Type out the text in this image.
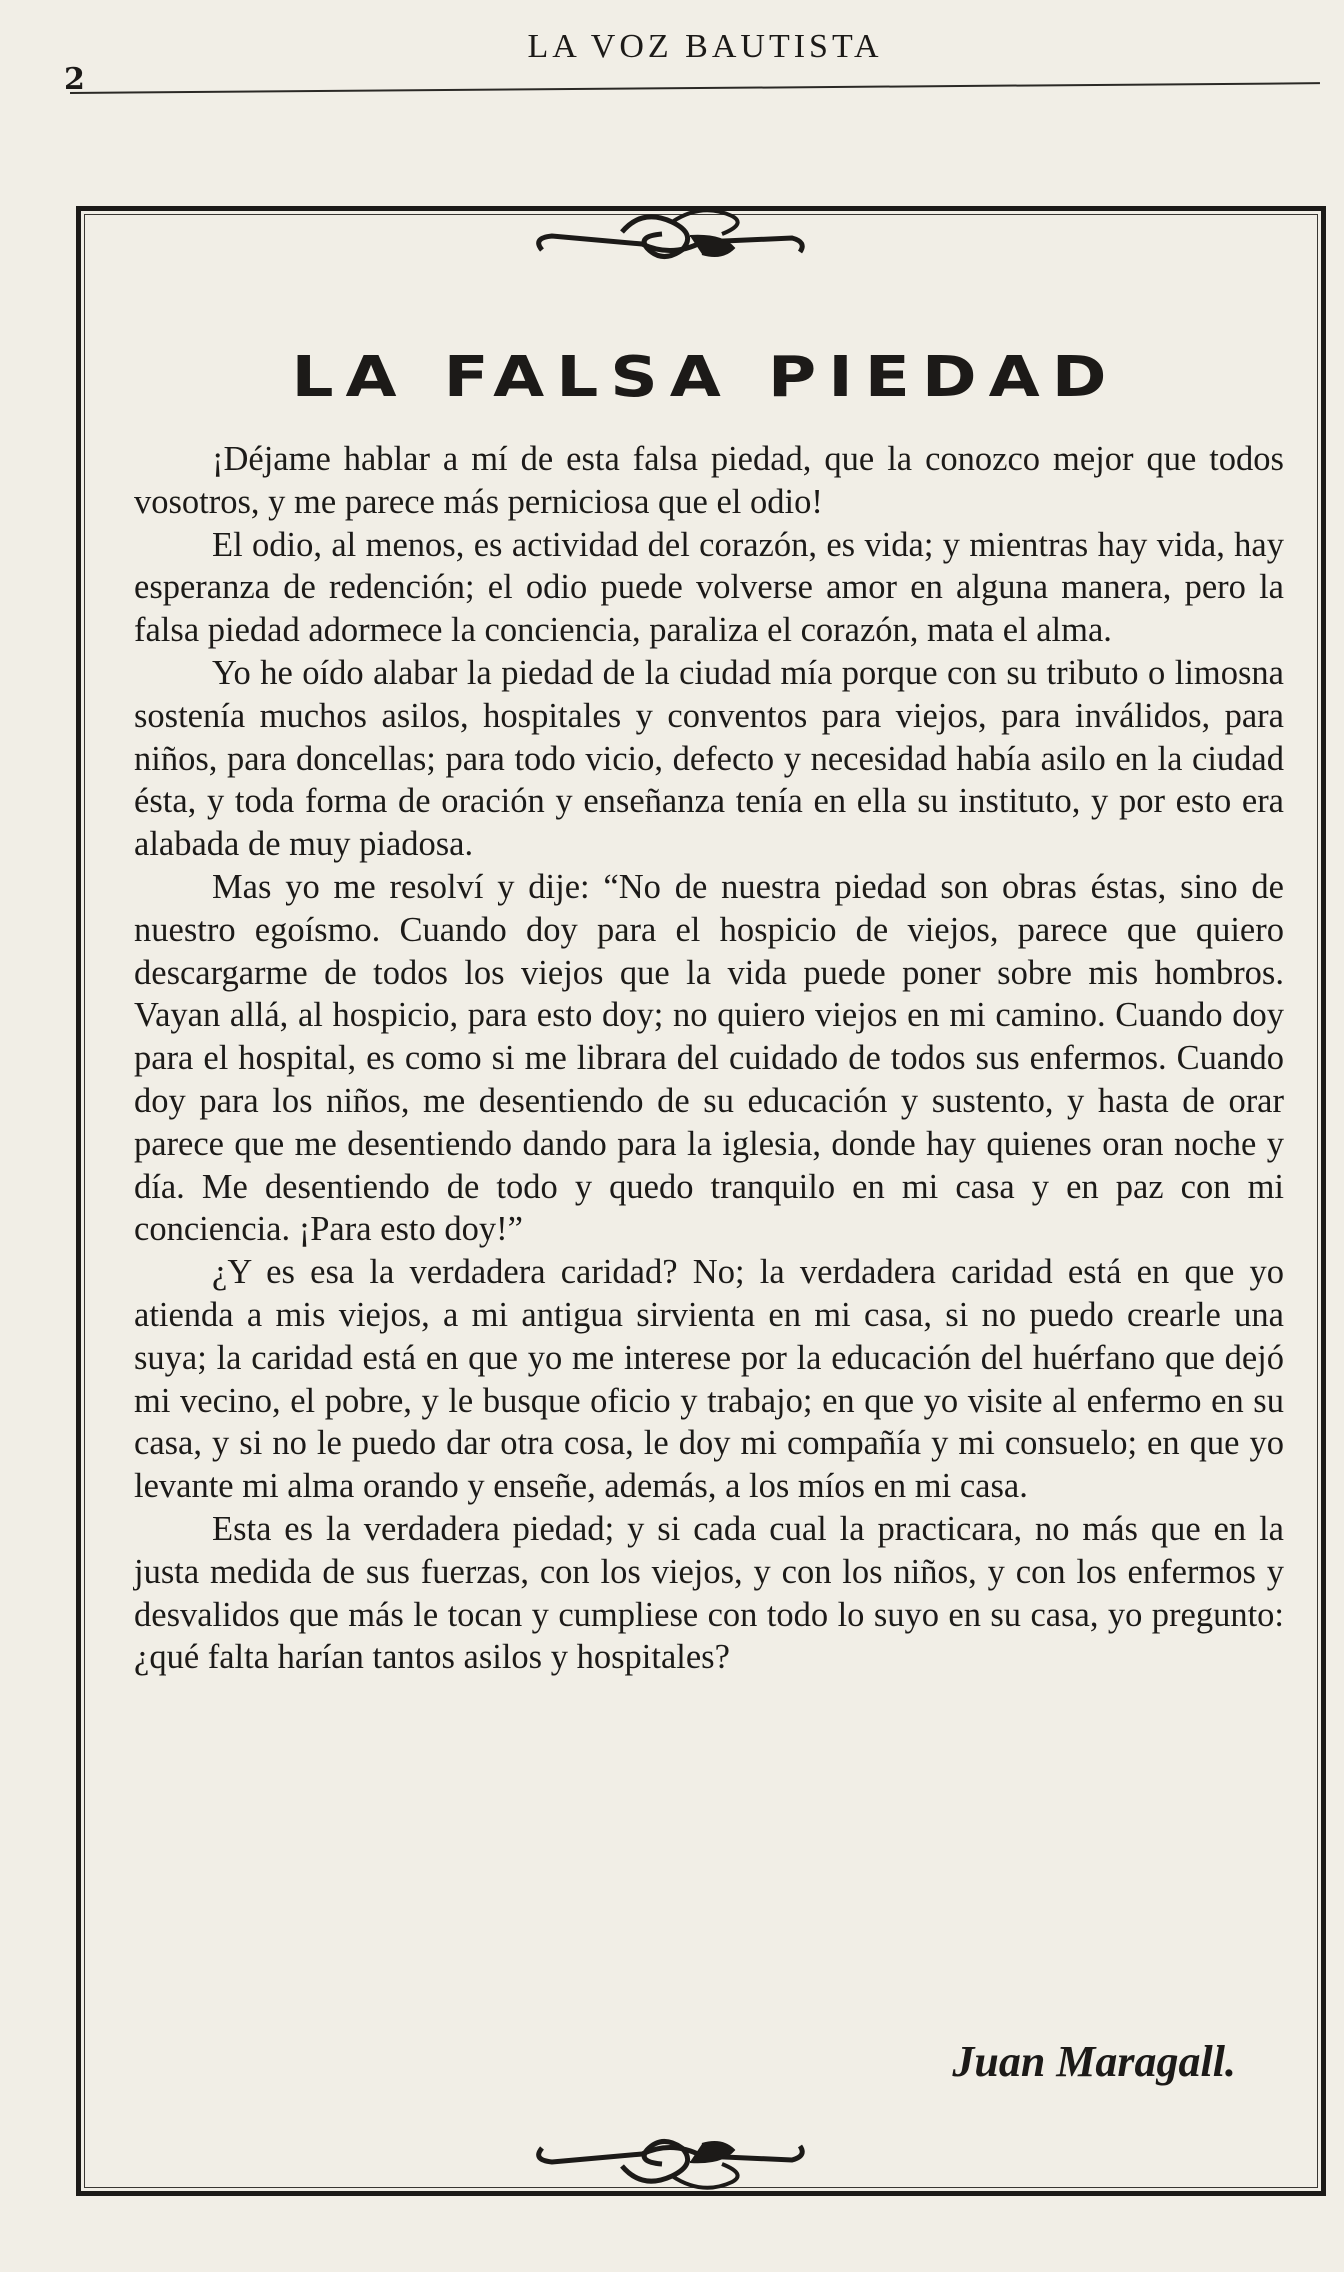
2
LA VOZ BAUTISTA
LA FALSA PIEDAD

¡Déjame hablar a mí de esta falsa piedad, que la conozco mejor que todos vosotros, y me parece más perniciosa que el odio!

El odio, al menos, es actividad del corazón, es vida; y mientras hay vida, hay esperanza de redención; el odio puede volverse amor en alguna manera, pero la falsa piedad adormece la conciencia, paraliza el corazón, mata el alma.

Yo he oído alabar la piedad de la ciudad mía porque con su tributo o limosna sostenía muchos asilos, hospitales y conventos para viejos, para inválidos, para niños, para doncellas; para todo vicio, defecto y necesidad había asilo en la ciudad ésta, y toda forma de oración y enseñanza tenía en ella su instituto, y por esto era alabada de muy piadosa.

Mas yo me resolví y dije: “No de nuestra piedad son obras éstas, sino de nuestro egoísmo. Cuando doy para el hospicio de viejos, parece que quiero descargarme de todos los viejos que la vida puede poner sobre mis hombros. Vayan allá, al hospicio, para esto doy; no quiero viejos en mi camino. Cuando doy para el hospital, es como si me librara del cuidado de todos sus enfermos. Cuando doy para los niños, me desentiendo de su educación y sustento, y hasta de orar parece que me desentiendo dando para la iglesia, donde hay quienes oran noche y día. Me desentiendo de todo y quedo tranquilo en mi casa y en paz con mi conciencia. ¡Para esto doy!”

¿Y es esa la verdadera caridad? No; la verdadera caridad está en que yo atienda a mis viejos, a mi antigua sirvienta en mi casa, si no puedo crearle una suya; la caridad está en que yo me interese por la educación del huérfano que dejó mi vecino, el pobre, y le busque oficio y trabajo; en que yo visite al enfermo en su casa, y si no le puedo dar otra cosa, le doy mi compañía y mi consuelo; en que yo levante mi alma orando y enseñe, además, a los míos en mi casa.

Esta es la verdadera piedad; y si cada cual la practicara, no más que en la justa medida de sus fuerzas, con los viejos, y con los niños, y con los enfermos y desvalidos que más le tocan y cumpliese con todo lo suyo en su casa, yo pregunto: ¿qué falta harían tantos asilos y hospitales?

Juan Maragall.
